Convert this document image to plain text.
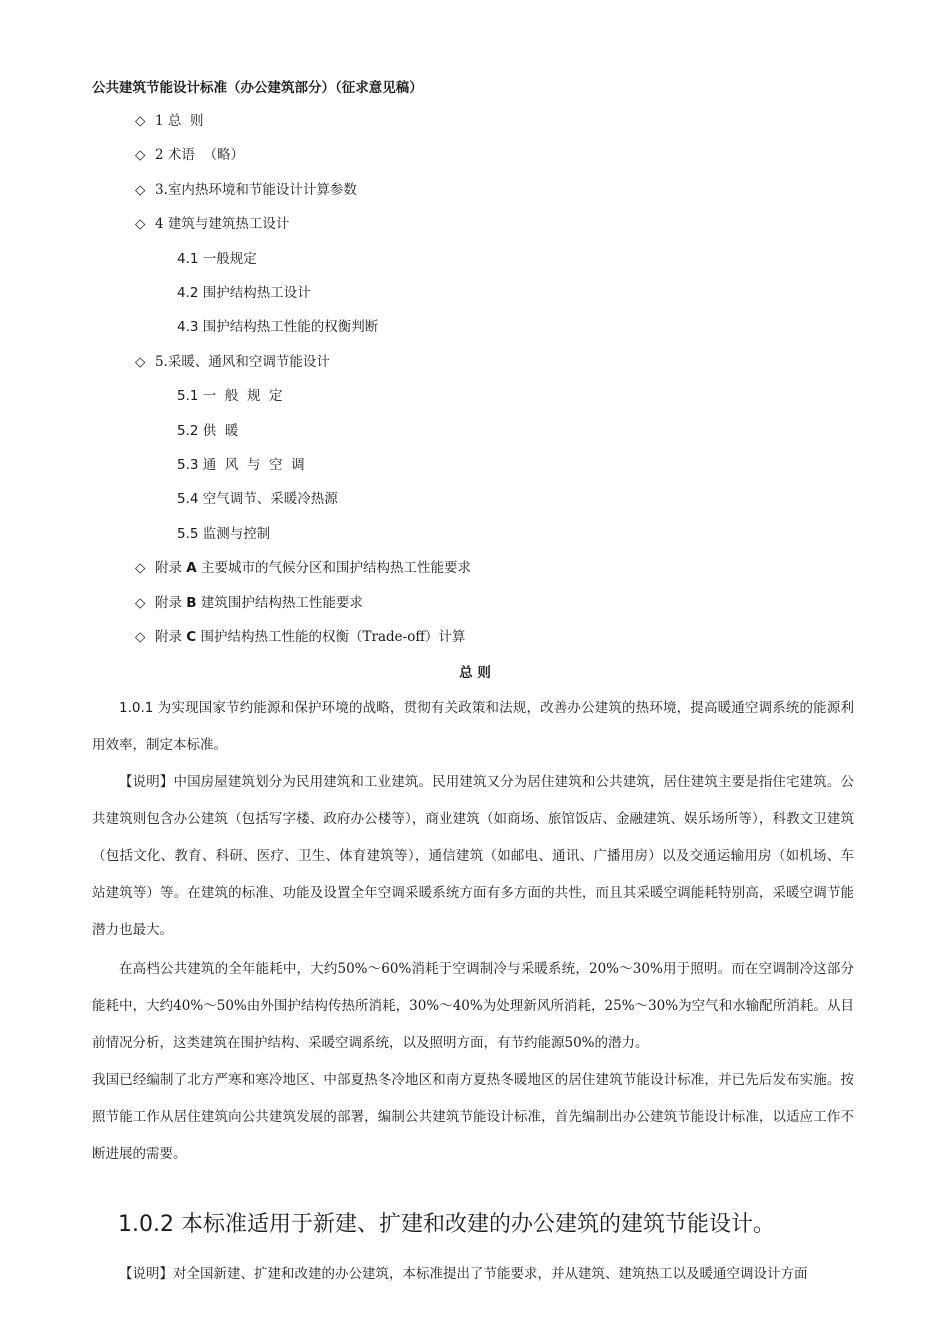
公共建筑节能设计标准（办公建筑部分）（征求意见稿）
◇ 1 总  则
◇ 2 术语  （略）
◇ 3.室内热环境和节能设计计算参数
◇ 4 建筑与建筑热工设计
4.1 一般规定
4.2 围护结构热工设计
4.3 围护结构热工性能的权衡判断
◇ 5.采暖、通风和空调节能设计
5.1 一  般  规  定
5.2 供  暖
5.3 通  风  与  空  调
5.4 空气调节、采暖冷热源
5.5 监测与控制
◇ 附录 A 主要城市的气候分区和围护结构热工性能要求
◇ 附录 B 建筑围护结构热工性能要求
◇ 附录 C 围护结构热工性能的权衡（Trade-off）计算
总 则
1.0.1 为实现国家节约能源和保护环境的战略，贯彻有关政策和法规，改善办公建筑的热环境，提高暖通空调系统的能源利用效率，制定本标准。
【说明】中国房屋建筑划分为民用建筑和工业建筑。民用建筑又分为居住建筑和公共建筑，居住建筑主要是指住宅建筑。公共建筑则包含办公建筑（包括写字楼、政府办公楼等），商业建筑（如商场、旅馆饭店、金融建筑、娱乐场所等），科教文卫建筑（包括文化、教育、科研、医疗、卫生、体育建筑等），通信建筑（如邮电、通讯、广播用房）以及交通运输用房（如机场、车站建筑等）等。在建筑的标准、功能及设置全年空调采暖系统方面有多方面的共性，而且其采暖空调能耗特别高，采暖空调节能潜力也最大。
在高档公共建筑的全年能耗中，大约50%～60%消耗于空调制冷与采暖系统，20%～30%用于照明。而在空调制冷这部分能耗中，大约40%～50%由外围护结构传热所消耗，30%～40%为处理新风所消耗，25%～30%为空气和水输配所消耗。从目前情况分析，这类建筑在围护结构、采暖空调系统，以及照明方面，有节约能源50%的潜力。
我国已经编制了北方严寒和寒冷地区、中部夏热冬冷地区和南方夏热冬暖地区的居住建筑节能设计标准，并已先后发布实施。按照节能工作从居住建筑向公共建筑发展的部署，编制公共建筑节能设计标准，首先编制出办公建筑节能设计标准，以适应工作不断进展的需要。
1.0.2 本标准适用于新建、扩建和改建的办公建筑的建筑节能设计。
【说明】对全国新建、扩建和改建的办公建筑，本标准提出了节能要求，并从建筑、建筑热工以及暖通空调设计方面
